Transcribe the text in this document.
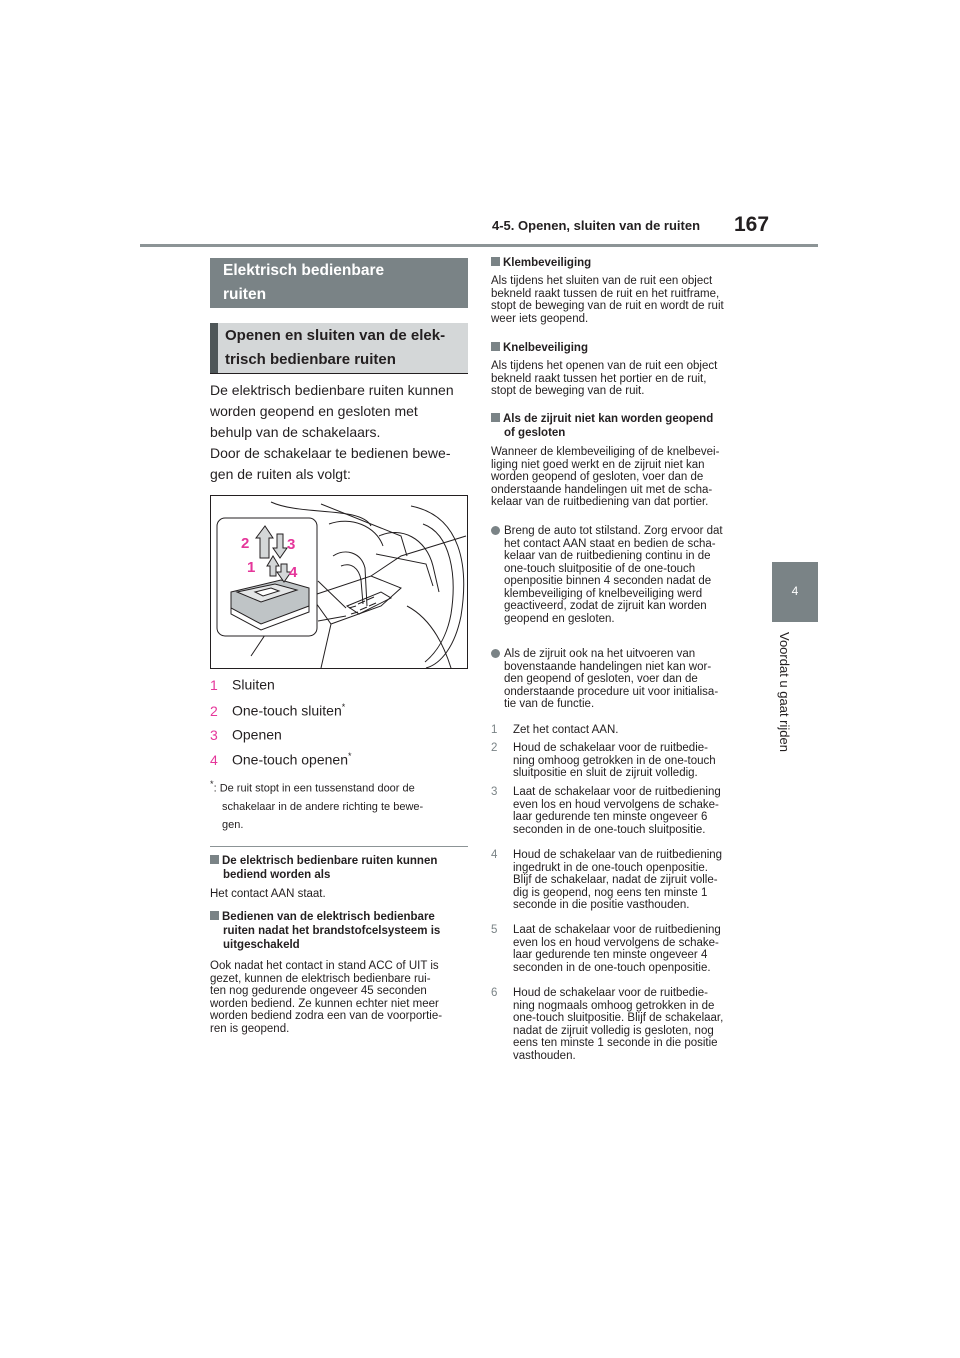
4-5. Openen, sluiten van de ruiten 167
4
Voordat u gaat rijden
Elektrisch bedienbare
ruiten
Openen en sluiten van de elek-
trisch bedienbare ruiten
De elektrisch bedienbare ruiten kunnen
worden geopend en gesloten met
behulp van de schakelaars.
Door de schakelaar te bedienen bewe-
gen de ruiten als volgt:
2	3
1 4
1 Sluiten
2 One-touch sluiten*
3 Openen
4 One-touch openen*
*: De ruit stopt in een tussenstand door de
schakelaar in de andere richting te bewe-
gen.
De elektrisch bedienbare ruiten kunnen
bediend worden als
Het contact AAN staat.
Bedienen van de elektrisch bedienbare
ruiten nadat het brandstofcelsysteem is
uitgeschakeld
Ook nadat het contact in stand ACC of UIT is
gezet, kunnen de elektrisch bedienbare rui-
ten nog gedurende ongeveer 45 seconden
worden bediend. Ze kunnen echter niet meer
worden bediend zodra een van de voorportie-
ren is geopend.
Klembeveiliging
Als tijdens het sluiten van de ruit een object
bekneld raakt tussen de ruit en het ruitframe,
stopt de beweging van de ruit en wordt de ruit
weer iets geopend.
Knelbeveiliging
Als tijdens het openen van de ruit een object
bekneld raakt tussen het portier en de ruit,
stopt de beweging van de ruit.
Als de zijruit niet kan worden geopend
of gesloten
Wanneer de klembeveiliging of de knelbevei-
liging niet goed werkt en de zijruit niet kan
worden geopend of gesloten, voer dan de
onderstaande handelingen uit met de scha-
kelaar van de ruitbediening van dat portier.
Breng de auto tot stilstand. Zorg ervoor dat
het contact AAN staat en bedien de scha-
kelaar van de ruitbediening continu in de
one-touch sluitpositie of de one-touch
openpositie binnen 4 seconden nadat de
klembeveiliging of knelbeveiliging werd
geactiveerd, zodat de zijruit kan worden
geopend en gesloten.
Als de zijruit ook na het uitvoeren van
bovenstaande handelingen niet kan wor-
den geopend of gesloten, voer dan de
onderstaande procedure uit voor initialisa-
tie van de functie.
1 Zet het contact AAN.
2 Houd de schakelaar voor de ruitbedie-
ning omhoog getrokken in de one-touch
sluitpositie en sluit de zijruit volledig.
3 Laat de schakelaar voor de ruitbediening
even los en houd vervolgens de schake-
laar gedurende ten minste ongeveer 6
seconden in de one-touch sluitpositie.
4 Houd de schakelaar van de ruitbediening
ingedrukt in de one-touch openpositie.
Blijf de schakelaar, nadat de zijruit volle-
dig is geopend, nog eens ten minste 1
seconde in die positie vasthouden.
5 Laat de schakelaar voor de ruitbediening
even los en houd vervolgens de schake-
laar gedurende ten minste ongeveer 4
seconden in de one-touch openpositie.
6 Houd de schakelaar voor de ruitbedie-
ning nogmaals omhoog getrokken in de
one-touch sluitpositie. Blijf de schakelaar,
nadat de zijruit volledig is gesloten, nog
eens ten minste 1 seconde in die positie
vasthouden.
